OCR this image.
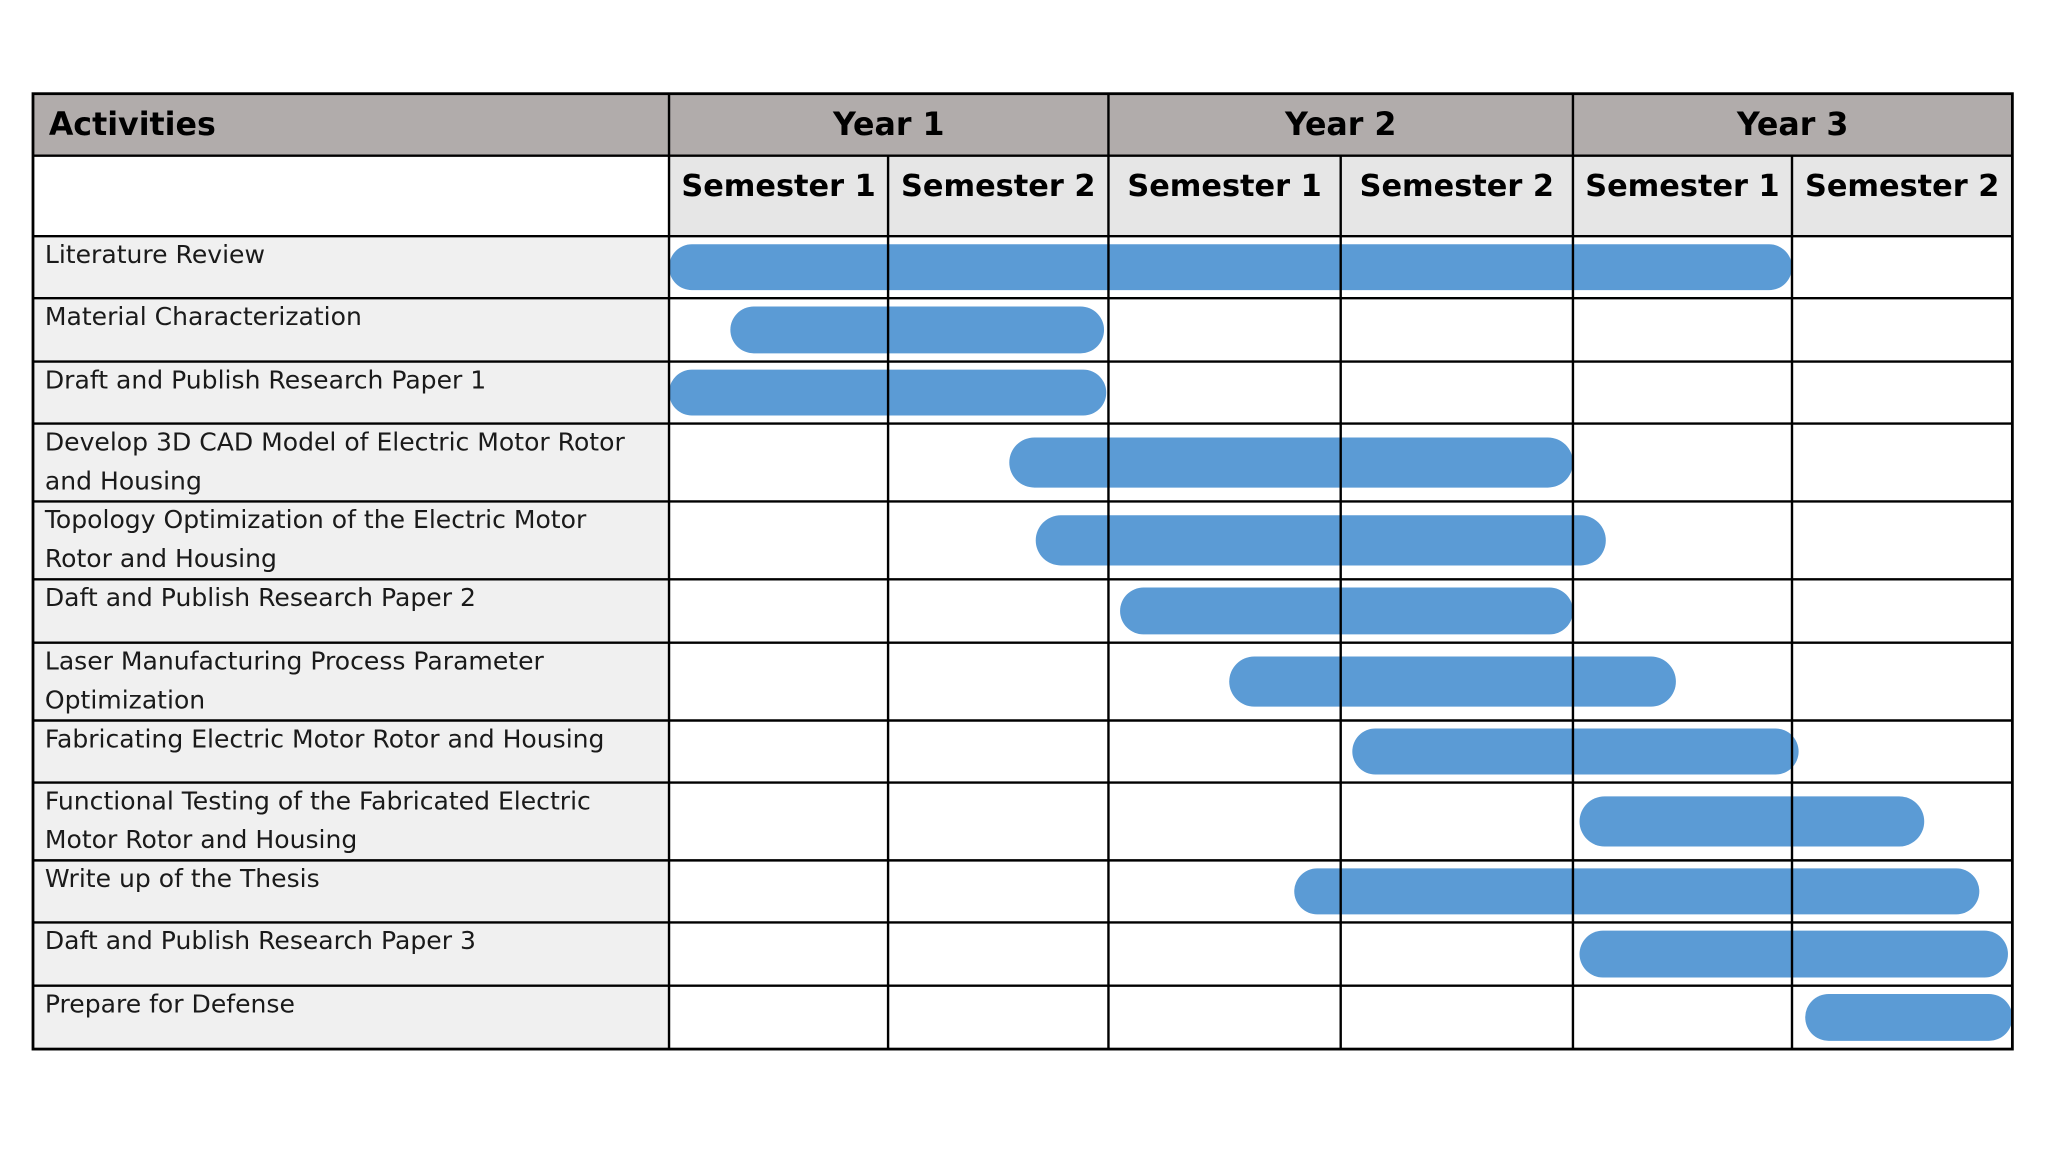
Activities	Year 1	Year 2	Year 3
Semester 1 Semester 2 Semester 1 Semester 2 Semester 1 Semester 2
Literature Review
Material Characterization
Draft and Publish Research Paper 1
Develop 3D CAD Model of Electric Motor Rotor
and Housing
Topology Optimization of the Electric Motor
Rotor and Housing
Daft and Publish Research Paper 2
Laser Manufacturing Process Parameter
Optimization
Fabricating Electric Motor Rotor and Housing
Functional Testing of the Fabricated Electric
Motor Rotor and Housing
Write up of the Thesis
Daft and Publish Research Paper 3
Prepare for Defense
